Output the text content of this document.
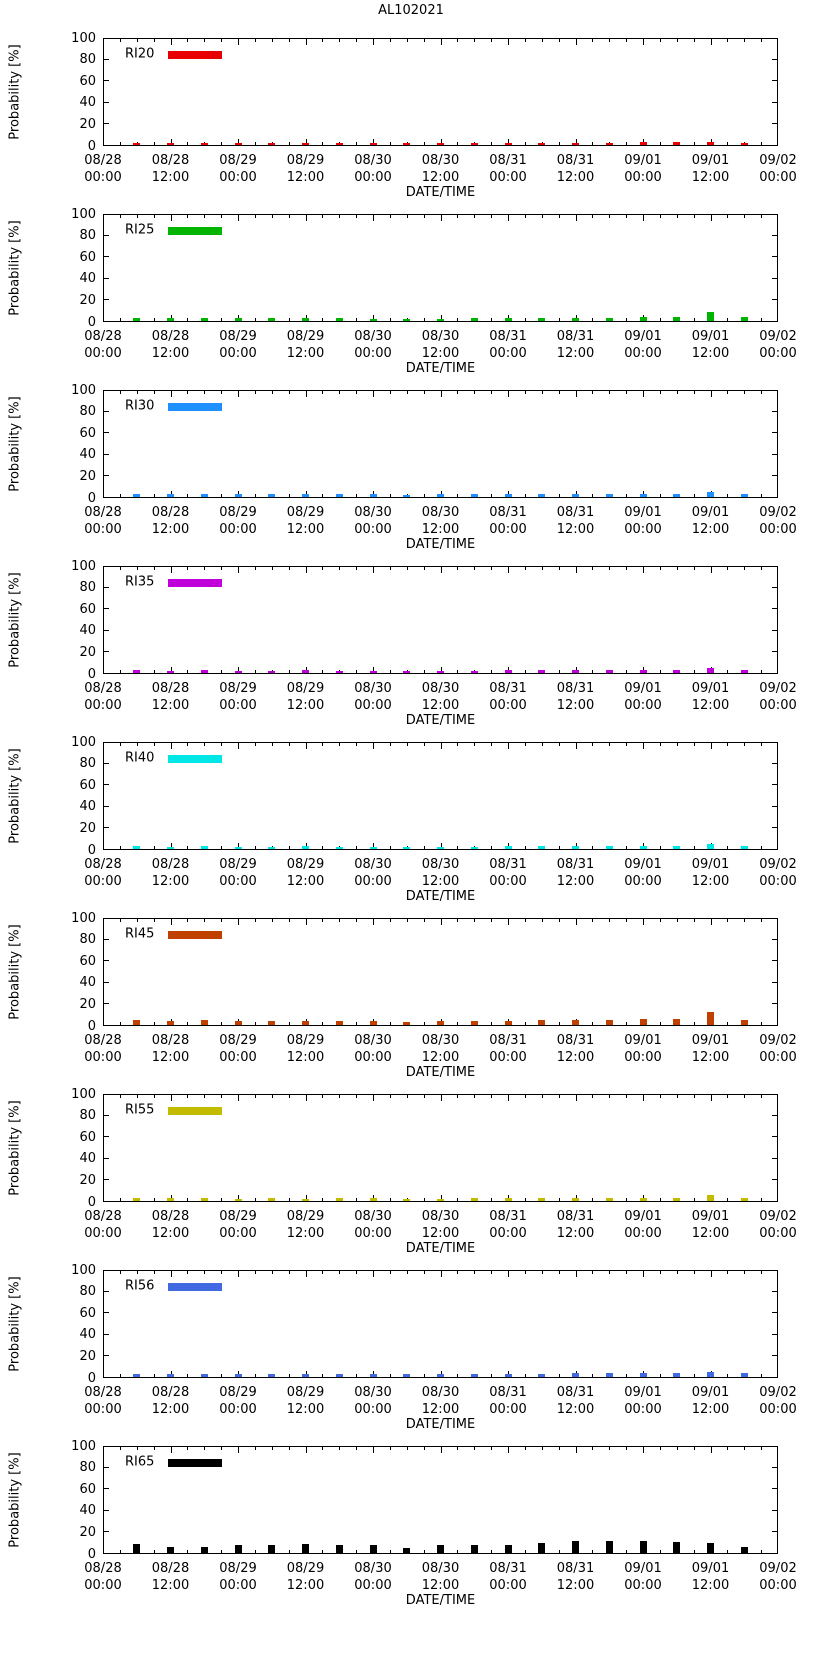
AL102021
RI20
Probability [%]
0
20
40
60
80
100
08/28
00:00
08/28
12:00
08/29
00:00
08/29
12:00
08/30
00:00
08/30
12:00
08/31
00:00
08/31
12:00
09/01
00:00
09/01
12:00
09/02
00:00
DATE/TIME
RI25
Probability [%]
0
20
40
60
80
100
08/28
00:00
08/28
12:00
08/29
00:00
08/29
12:00
08/30
00:00
08/30
12:00
08/31
00:00
08/31
12:00
09/01
00:00
09/01
12:00
09/02
00:00
DATE/TIME
RI30
Probability [%]
0
20
40
60
80
100
08/28
00:00
08/28
12:00
08/29
00:00
08/29
12:00
08/30
00:00
08/30
12:00
08/31
00:00
08/31
12:00
09/01
00:00
09/01
12:00
09/02
00:00
DATE/TIME
RI35
Probability [%]
0
20
40
60
80
100
08/28
00:00
08/28
12:00
08/29
00:00
08/29
12:00
08/30
00:00
08/30
12:00
08/31
00:00
08/31
12:00
09/01
00:00
09/01
12:00
09/02
00:00
DATE/TIME
RI40
Probability [%]
0
20
40
60
80
100
08/28
00:00
08/28
12:00
08/29
00:00
08/29
12:00
08/30
00:00
08/30
12:00
08/31
00:00
08/31
12:00
09/01
00:00
09/01
12:00
09/02
00:00
DATE/TIME
RI45
Probability [%]
0
20
40
60
80
100
08/28
00:00
08/28
12:00
08/29
00:00
08/29
12:00
08/30
00:00
08/30
12:00
08/31
00:00
08/31
12:00
09/01
00:00
09/01
12:00
09/02
00:00
DATE/TIME
RI55
Probability [%]
0
20
40
60
80
100
08/28
00:00
08/28
12:00
08/29
00:00
08/29
12:00
08/30
00:00
08/30
12:00
08/31
00:00
08/31
12:00
09/01
00:00
09/01
12:00
09/02
00:00
DATE/TIME
RI56
Probability [%]
0
20
40
60
80
100
08/28
00:00
08/28
12:00
08/29
00:00
08/29
12:00
08/30
00:00
08/30
12:00
08/31
00:00
08/31
12:00
09/01
00:00
09/01
12:00
09/02
00:00
DATE/TIME
RI65
Probability [%]
0
20
40
60
80
100
08/28
00:00
08/28
12:00
08/29
00:00
08/29
12:00
08/30
00:00
08/30
12:00
08/31
00:00
08/31
12:00
09/01
00:00
09/01
12:00
09/02
00:00
DATE/TIME
